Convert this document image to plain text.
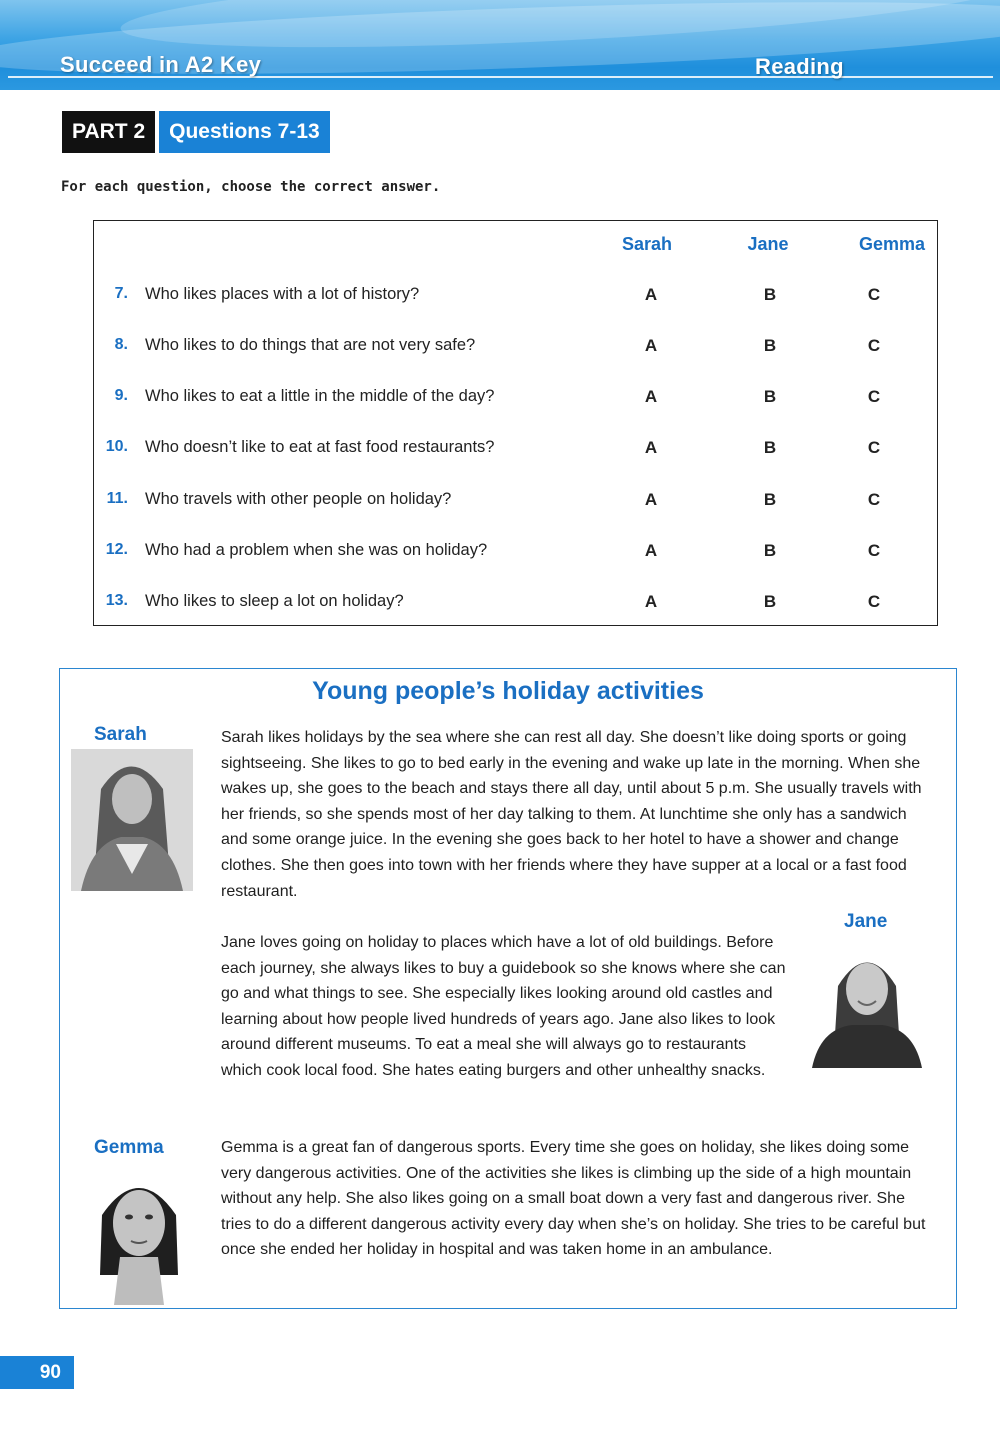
Succeed in A2 Key	Reading
PART 2	Questions 7-13
For each question, choose the correct answer.
Sarah	Jane	Gemma
7. Who likes places with a lot of history?	A	B	C
8. Who likes to do things that are not very safe?	A	B	C
9. Who likes to eat a little in the middle of the day?	A	B	C
10. Who doesn’t like to eat at fast food restaurants?	A	B	C
11. Who travels with other people on holiday?	A	B	C
12. Who had a problem when she was on holiday?	A	B	C
13. Who likes to sleep a lot on holiday?	A	B	C
Young people’s holiday activities
Sarah	Sarah likes holidays by the sea where she can rest all day. She doesn’t like doing sports or going sightseeing. She likes to go to bed early in the evening and wake up late in the morning. When she wakes up, she goes to the beach and stays there all day, until about 5 p.m. She usually travels with her friends, so she spends most of her day talking to them. At lunchtime she only has a sandwich and some orange juice. In the evening she goes back to her hotel to have a shower and change clothes. She then goes into town with her friends where they have supper at a local or a fast food restaurant.
Jane
Jane loves going on holiday to places which have a lot of old buildings. Before each journey, she always likes to buy a guidebook so she knows where she can go and what things to see. She especially likes looking around old castles and learning about how people lived hundreds of years ago. Jane also likes to look around different museums. To eat a meal she will always go to restaurants which cook local food. She hates eating burgers and other unhealthy snacks.
Gemma	Gemma is a great fan of dangerous sports. Every time she goes on holiday, she likes doing some very dangerous activities. One of the activities she likes is climbing up the side of a high mountain without any help. She also likes going on a small boat down a very fast and dangerous river. She tries to do a different dangerous activity every day when she’s on holiday. She tries to be careful but once she ended her holiday in hospital and was taken home in an ambulance.
90
